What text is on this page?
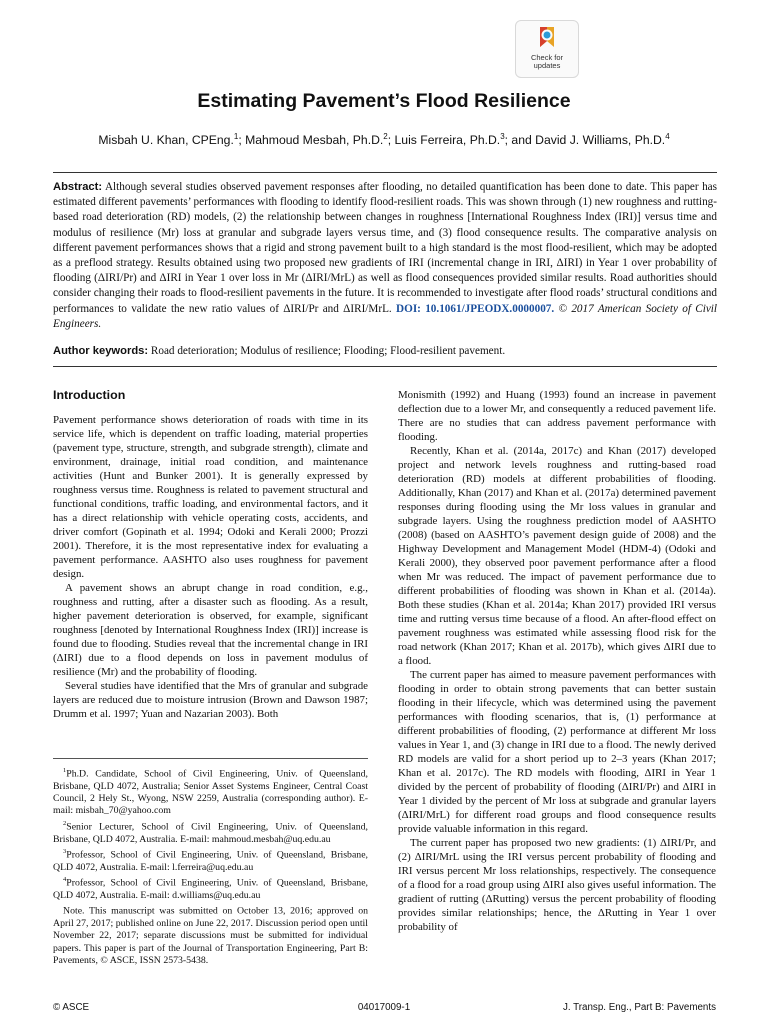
Check for
updates
Estimating Pavement’s Flood Resilience
Misbah U. Khan, CPEng.$^1$; Mahmoud Mesbah, Ph.D.$^2$; Luis Ferreira, Ph.D.$^3$; and David J. Williams, Ph.D.$^4$
Abstract: Although several studies observed pavement responses after flooding, no detailed quantification has been done to date. This paper has estimated different pavements’ performances with flooding to identify flood-resilient roads. This was shown through (1) new roughness and rutting-based road deterioration (RD) models, (2) the relationship between changes in roughness [International Roughness Index (IRI)] versus time and modulus of resilience (Mr) loss at granular and subgrade layers versus time, and (3) flood consequence results. The comparative analysis on different pavement performances shows that a rigid and strong pavement built to a high standard is the most flood-resilient, which may be adopted as a preflood strategy. Results obtained using two proposed new gradients of IRI (incremental change in IRI, ΔIRI) in Year 1 over probability of flooding (ΔIRI/Pr) and ΔIRI in Year 1 over loss in Mr (ΔIRI/MrL) as well as flood consequences provided similar results. Road authorities should consider changing their roads to flood-resilient pavements in the future. It is recommended to investigate after flood roads’ structural conditions and performances to validate the new ratio values of ΔIRI/Pr and ΔIRI/MrL. DOI: 10.1061/JPEODX.0000007. © 2017 American Society of Civil Engineers.
Author keywords: Road deterioration; Modulus of resilience; Flooding; Flood-resilient pavement.
Introduction

Pavement performance shows deterioration of roads with time in its service life, which is dependent on traffic loading, material properties (pavement type, structure, strength, and subgrade strength), climate and environment, drainage, initial road condition, and maintenance activities (Hunt and Bunker 2001). It is generally expressed by roughness versus time. Roughness is related to pavement structural and functional conditions, traffic loading, and environmental factors, and it has a direct relationship with vehicle operating costs, accidents, and driver comfort (Gopinath et al. 1994; Odoki and Kerali 2000; Prozzi 2001). Therefore, it is the most representative index for evaluating a pavement performance. AASHTO also uses roughness for pavement design.

A pavement shows an abrupt change in road condition, e.g., roughness and rutting, after a disaster such as flooding. As a result, higher pavement deterioration is observed, for example, significant roughness [denoted by International Roughness Index (IRI)] increase is found due to flooding. Studies reveal that the incremental change in IRI (ΔIRI) due to a flood depends on loss in pavement modulus of resilience (Mr) and the probability of flooding.

Several studies have identified that the Mrs of granular and subgrade layers are reduced due to moisture intrusion (Brown and Dawson 1987; Drumm et al. 1997; Yuan and Nazarian 2003). Both

Monismith (1992) and Huang (1993) found an increase in pavement deflection due to a lower Mr, and consequently a reduced pavement life. There are no studies that can address pavement performance with flooding.

Recently, Khan et al. (2014a, 2017c) and Khan (2017) developed project and network levels roughness and rutting-based road deterioration (RD) models at different probabilities of flooding. Additionally, Khan (2017) and Khan et al. (2017a) determined pavement responses during flooding using the Mr loss values in granular and subgrade layers. Using the roughness prediction model of AASHTO (2008) (based on AASHTO’s pavement design guide of 2008) and the Highway Development and Management Model (HDM-4) (Odoki and Kerali 2000), they observed poor pavement performance after a flood when Mr was reduced. The impact of pavement performance due to different probabilities of flooding was shown in Khan et al. (2014a). Both these studies (Khan et al. 2014a; Khan 2017) provided IRI versus time and rutting versus time because of a flood. An after-flood effect on pavement roughness was estimated while assessing flood risk for the road network (Khan 2017; Khan et al. 2017b), which gives ΔIRI due to a flood.

The current paper has aimed to measure pavement performances with flooding in order to obtain strong pavements that can better sustain flooding in their lifecycle, which was determined using the pavement performances with flooding scenarios, that is, (1) performance at different probabilities of flooding, (2) performance at different Mr loss values in Year 1, and (3) change in IRI due to a flood. The newly derived RD models are valid for a short period up to 2–3 years (Khan 2017; Khan et al. 2017c). The RD models with flooding, ΔIRI in Year 1 divided by the percent of probability of flooding (ΔIRI/Pr) and ΔIRI in Year 1 divided by the percent of Mr loss at subgrade and granular layers (ΔIRI/MrL) for different road groups and flood consequence results provide valuable information in this regard.

The current paper has proposed two new gradients: (1) ΔIRI/Pr, and (2) ΔIRI/MrL using the IRI versus percent probability of flooding and IRI versus percent Mr loss relationships, respectively. The consequence of a flood for a road group using ΔIRI also gives useful information. The gradient of rutting (ΔRutting) versus the percent probability of flooding provides similar relationships; hence, the ΔRutting in Year 1 over probability of

$^1$Ph.D. Candidate, School of Civil Engineering, Univ. of Queensland, Brisbane, QLD 4072, Australia; Senior Asset Systems Engineer, Central Coast Council, 2 Hely St., Wyong, NSW 2259, Australia (corresponding author). E-mail: misbah_70@yahoo.com

$^2$Senior Lecturer, School of Civil Engineering, Univ. of Queensland, Brisbane, QLD 4072, Australia. E-mail: mahmoud.mesbah@uq.edu.au

$^3$Professor, School of Civil Engineering, Univ. of Queensland, Brisbane, QLD 4072, Australia. E-mail: l.ferreira@uq.edu.au

$^4$Professor, School of Civil Engineering, Univ. of Queensland, Brisbane, QLD 4072, Australia. E-mail: d.williams@uq.edu.au

Note. This manuscript was submitted on October 13, 2016; approved on April 27, 2017; published online on June 22, 2017. Discussion period open until November 22, 2017; separate discussions must be submitted for individual papers. This paper is part of the Journal of Transportation Engineering, Part B: Pavements, © ASCE, ISSN 2573-5438.

© ASCE	04017009-1	J. Transp. Eng., Part B: Pavements
